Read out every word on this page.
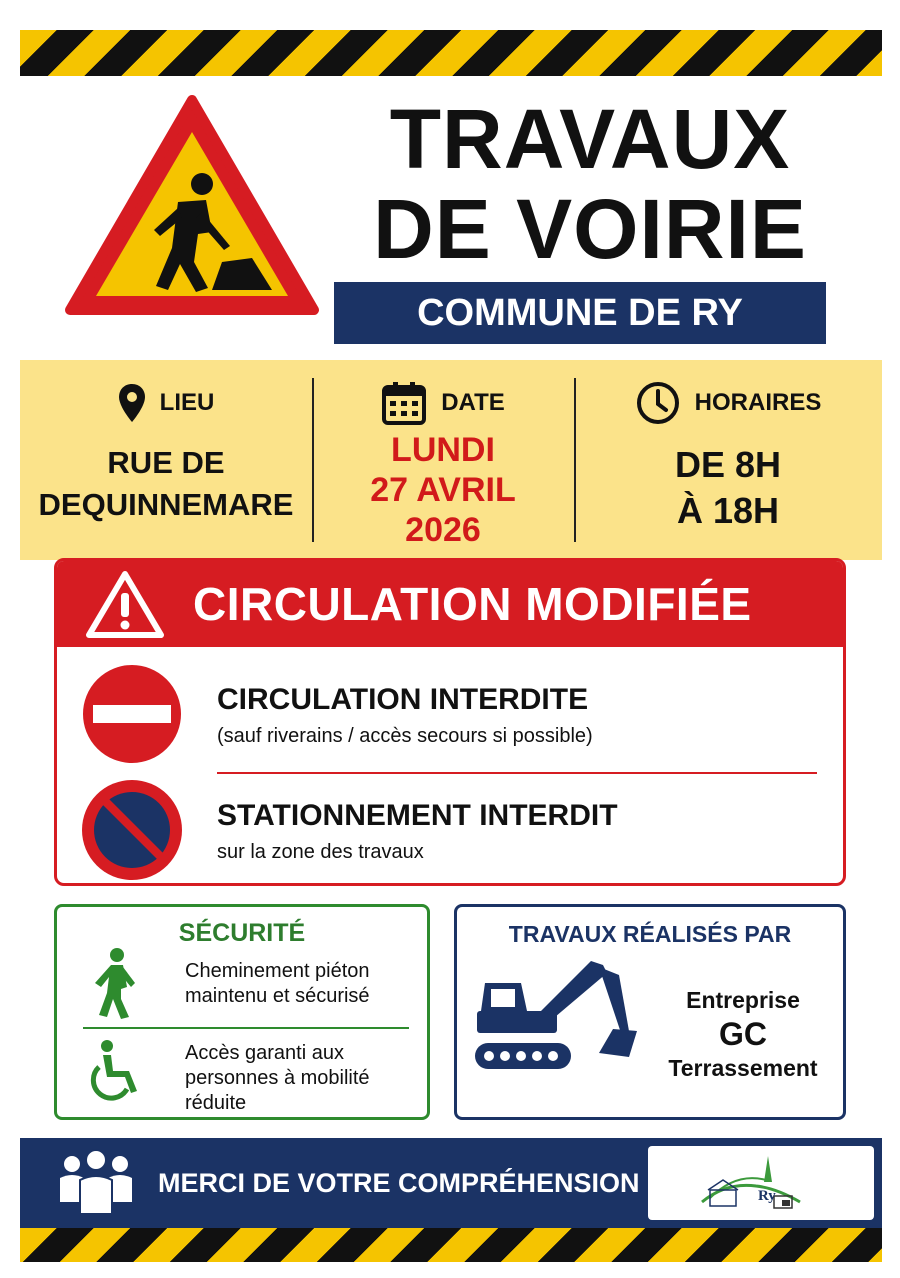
TRAVAUX
DE VOIRIE
COMMUNE DE RY
LIEU
RUE DE
DEQUINNEMARE
DATE
LUNDI
27 AVRIL
2026
HORAIRES
DE 8H
À 18H
CIRCULATION MODIFIÉE
CIRCULATION INTERDITE
(sauf riverains / accès secours si possible)
STATIONNEMENT INTERDIT
sur la zone des travaux
SÉCURITÉ
Cheminement piéton
maintenu et sécurisé
Accès garanti aux
personnes à mobilité
réduite
TRAVAUX RÉALISÉS PAR
Entreprise
GC
Terrassement
MERCI DE VOTRE COMPRÉHENSION	Ry
